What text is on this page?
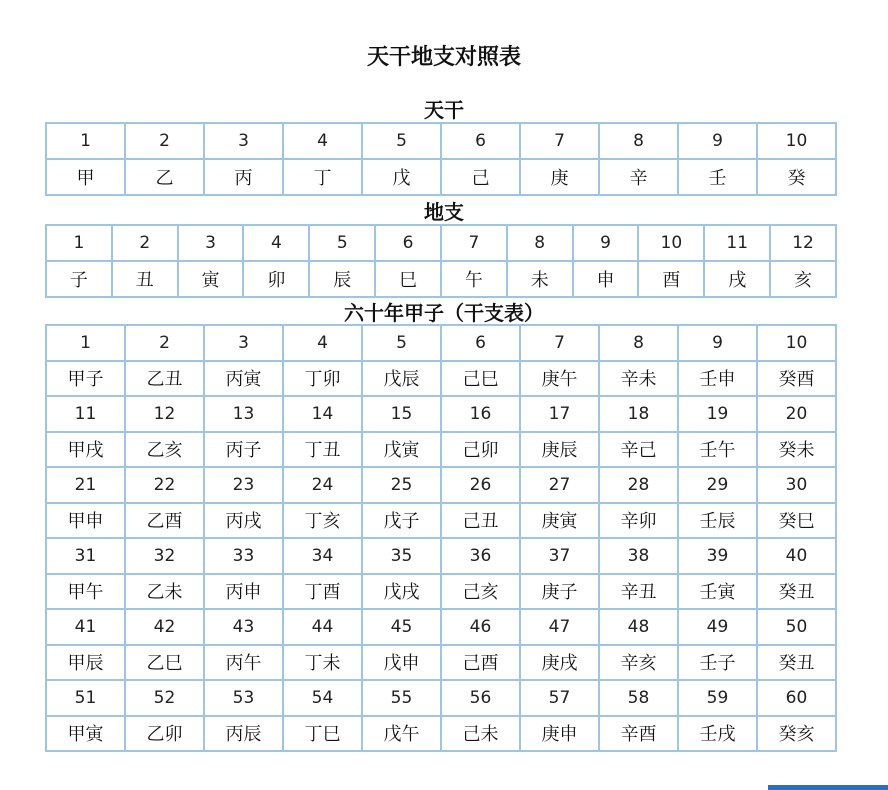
天干地支对照表
天干
1	2	3	4	5	6	7	8	9	10
甲	乙	丙	丁	戊	己	庚	辛	壬	癸
地支
1	2	3	4	5	6	7	8	9	10	11	12
子	丑	寅	卯	辰	巳	午	未	申	酉	戌	亥
六十年甲子（干支表）
1	2	3	4	5	6	7	8	9	10
甲子	乙丑	丙寅	丁卯	戊辰	己巳	庚午	辛未	壬申	癸酉
11	12	13	14	15	16	17	18	19	20
甲戌	乙亥	丙子	丁丑	戊寅	己卯	庚辰	辛己	壬午	癸未
21	22	23	24	25	26	27	28	29	30
甲申	乙酉	丙戌	丁亥	戊子	己丑	庚寅	辛卯	壬辰	癸巳
31	32	33	34	35	36	37	38	39	40
甲午	乙未	丙申	丁酉	戊戌	己亥	庚子	辛丑	壬寅	癸丑
41	42	43	44	45	46	47	48	49	50
甲辰	乙巳	丙午	丁未	戊申	己酉	庚戌	辛亥	壬子	癸丑
51	52	53	54	55	56	57	58	59	60
甲寅	乙卯	丙辰	丁巳	戊午	己未	庚申	辛酉	壬戌	癸亥
